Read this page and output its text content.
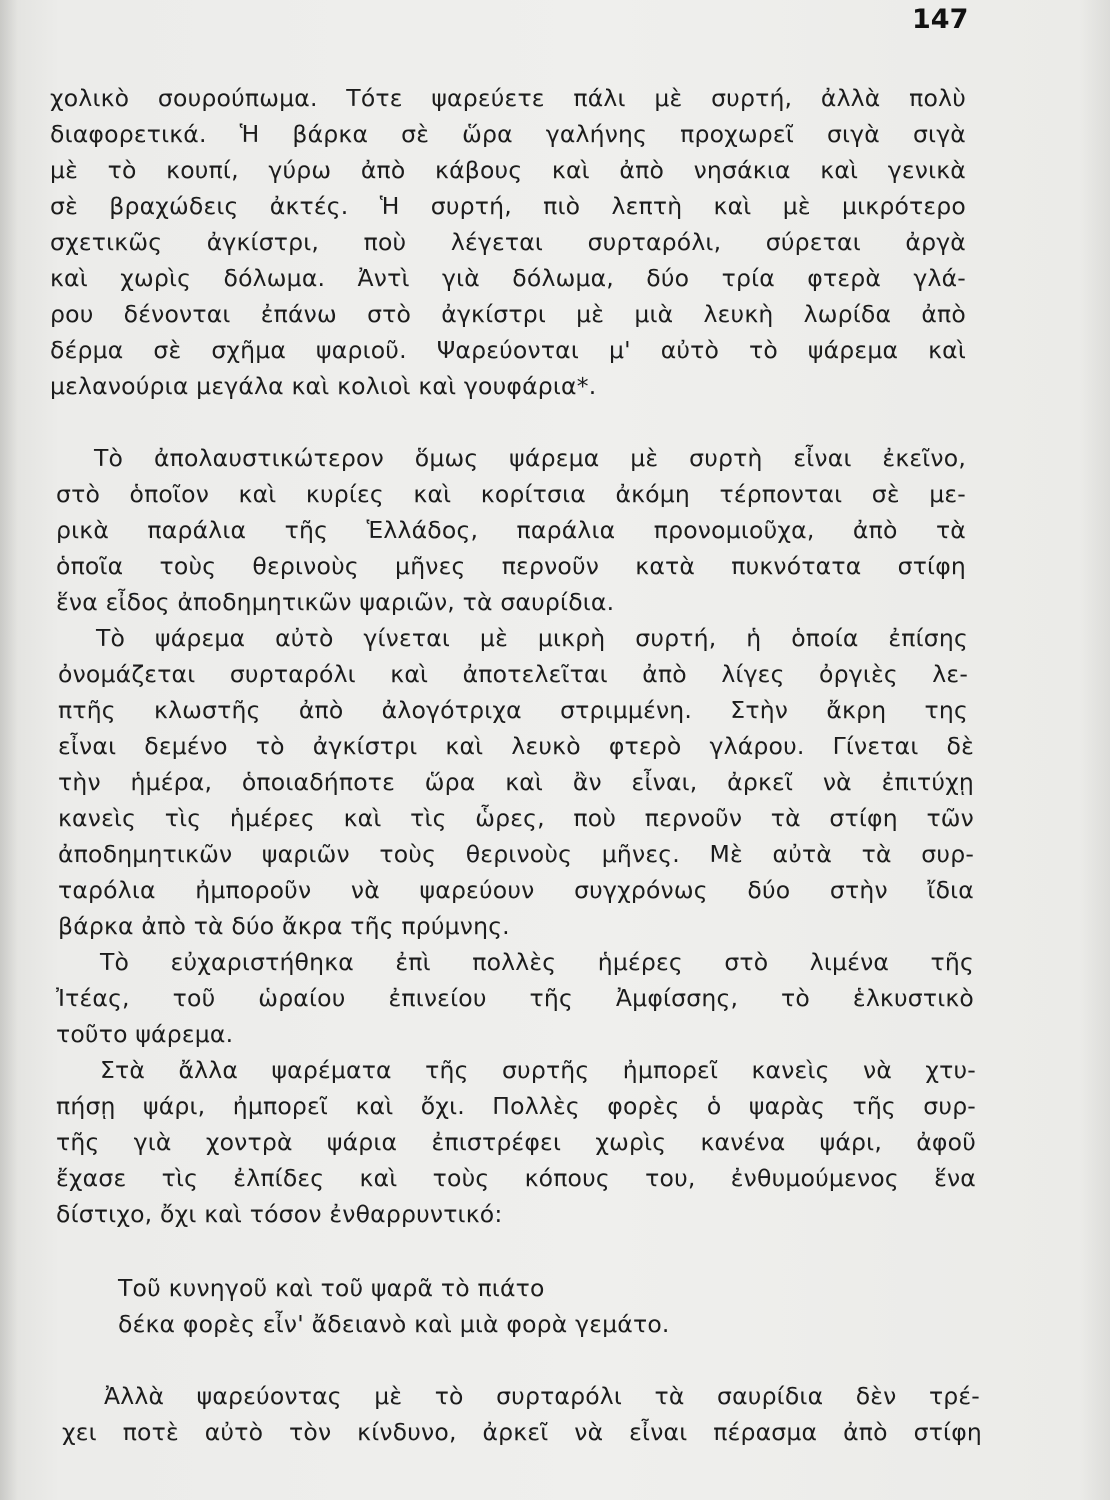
147
χολικὸ σουρούπωμα. Τότε ψαρεύετε πάλι μὲ συρτή, ἀλλὰ πολὺ
διαφορετικά. Ἡ βάρκα σὲ ὥρα γαλήνης προχωρεῖ σιγὰ σιγὰ
μὲ τὸ κουπί, γύρω ἀπὸ κάβους καὶ ἀπὸ νησάκια καὶ γενικὰ
σὲ βραχώδεις ἀκτές. Ἡ συρτή, πιὸ λεπτὴ καὶ μὲ μικρότερο
σχετικῶς ἀγκίστρι, ποὺ λέγεται συρταρόλι, σύρεται ἀργὰ
καὶ χωρὶς δόλωμα. Ἀντὶ γιὰ δόλωμα, δύο τρία φτερὰ γλά-
ρου δένονται ἐπάνω στὸ ἀγκίστρι μὲ μιὰ λευκὴ λωρίδα ἀπὸ
δέρμα σὲ σχῆμα ψαριοῦ. Ψαρεύονται μ' αὐτὸ τὸ ψάρεμα καὶ
μελανούρια μεγάλα καὶ κολιοὶ καὶ γουφάρια*.
Τὸ ἀπολαυστικώτερον ὅμως ψάρεμα μὲ συρτὴ εἶναι ἐκεῖνο,
στὸ ὁποῖον καὶ κυρίες καὶ κορίτσια ἀκόμη τέρπονται σὲ με-
ρικὰ παράλια τῆς Ἑλλάδος, παράλια προνομιοῦχα, ἀπὸ τὰ
ὁποῖα τοὺς θερινοὺς μῆνες περνοῦν κατὰ πυκνότατα στίφη
ἕνα εἶδος ἀποδημητικῶν ψαριῶν, τὰ σαυρίδια.
Τὸ ψάρεμα αὐτὸ γίνεται μὲ μικρὴ συρτή, ἡ ὁποία ἐπίσης
ὀνομάζεται συρταρόλι καὶ ἀποτελεῖται ἀπὸ λίγες ὀργιὲς λε-
πτῆς κλωστῆς ἀπὸ ἀλογότριχα στριμμένη. Στὴν ἄκρη της
εἶναι δεμένο τὸ ἀγκίστρι καὶ λευκὸ φτερὸ γλάρου. Γίνεται δὲ
τὴν ἡμέρα, ὁποιαδήποτε ὥρα καὶ ἂν εἶναι, ἀρκεῖ νὰ ἐπιτύχῃ
κανεὶς τὶς ἡμέρες καὶ τὶς ὧρες, ποὺ περνοῦν τὰ στίφη τῶν
ἀποδημητικῶν ψαριῶν τοὺς θερινοὺς μῆνες. Μὲ αὐτὰ τὰ συρ-
ταρόλια ἠμποροῦν νὰ ψαρεύουν συγχρόνως δύο στὴν ἴδια
βάρκα ἀπὸ τὰ δύο ἄκρα τῆς πρύμνης.
Τὸ εὐχαριστήθηκα ἐπὶ πολλὲς ἡμέρες στὸ λιμένα τῆς
Ἰτέας, τοῦ ὡραίου ἐπινείου τῆς Ἀμφίσσης, τὸ ἑλκυστικὸ
τοῦτο ψάρεμα.
Στὰ ἄλλα ψαρέματα τῆς συρτῆς ἠμπορεῖ κανεὶς νὰ χτυ-
πήσῃ ψάρι, ἠμπορεῖ καὶ ὄχι. Πολλὲς φορὲς ὁ ψαρὰς τῆς συρ-
τῆς γιὰ χοντρὰ ψάρια ἐπιστρέφει χωρὶς κανένα ψάρι, ἀφοῦ
ἔχασε τὶς ἐλπίδες καὶ τοὺς κόπους του, ἐνθυμούμενος ἕνα
δίστιχο, ὄχι καὶ τόσον ἐνθαρρυντικό:
Τοῦ κυνηγοῦ καὶ τοῦ ψαρᾶ τὸ πιάτο
δέκα φορὲς εἶν' ἄδειανὸ καὶ μιὰ φορὰ γεμάτο.
Ἀλλὰ ψαρεύοντας μὲ τὸ συρταρόλι τὰ σαυρίδια δὲν τρέ-
χει ποτὲ αὐτὸ τὸν κίνδυνο, ἀρκεῖ νὰ εἶναι πέρασμα ἀπὸ στίφη
